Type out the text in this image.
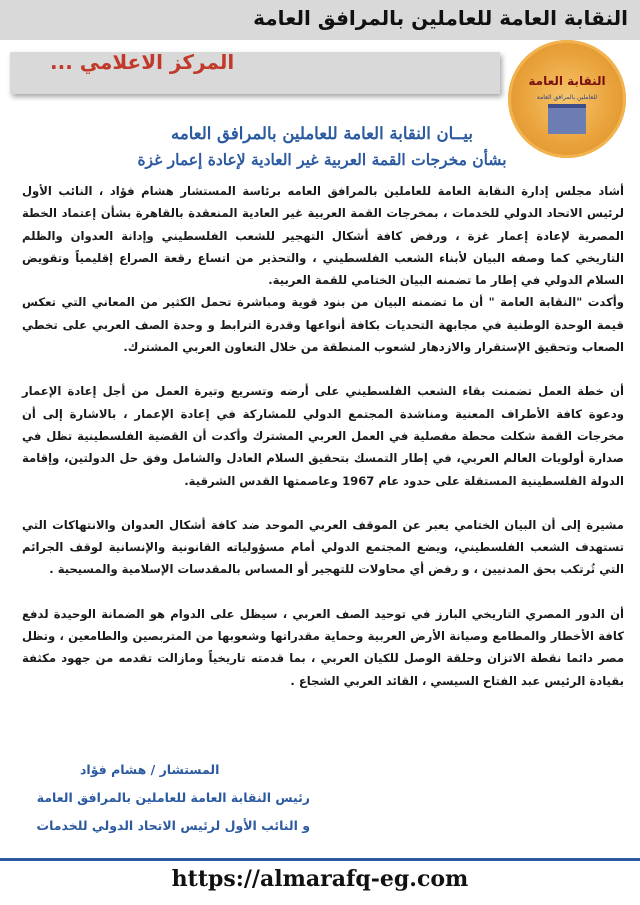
النقابة العامة للعاملين بالمرافق العامة
المركز الاعلامي ...
النقابة العامة
للعاملين بالمرافق العامة
بيــان النقابة العامة للعاملين بالمرافق العامه
بشأن مخرجات القمة العربية غير العادية لإعادة إعمار غزة

أشاد مجلس إدارة النقابة العامة للعاملين بالمرافق العامه برئاسة المستشار هشام فؤاد ، النائب الأول لرئيس الاتحاد الدولي للخدمات ، بمخرجات القمة العربية غير العادية المنعقدة بالقاهرة بشأن إعتماد الخطة المصرية لإعادة إعمار غزة ، ورفض كافة أشكال التهجير للشعب الفلسطيني وإدانة العدوان والظلم التاريخي كما وصفه البيان لأبناء الشعب الفلسطيني ، والتحذير من اتساع رقعة الصراع إقليمياً وتقويض السلام الدولي في إطار ما تضمنه البيان الختامي للقمة العربية.

وأكدت "النقابة العامة " أن ما تضمنه البيان من بنود قوية ومباشرة تحمل الكثير من المعاني التي تعكس قيمة الوحدة الوطنية في مجابهة التحديات بكافة أنواعها وقدرة الترابط و وحدة الصف العربي على تخطي الصعاب وتحقيق الإستقرار والازدهار لشعوب المنطقة من خلال التعاون العربي المشترك.

أن خطة العمل تضمنت بقاء الشعب الفلسطيني على أرضه وتسريع وتيرة العمل من أجل إعادة الإعمار ودعوة كافة الأطراف المعنية ومناشدة المجتمع الدولي للمشاركة في إعادة الإعمار ، بالاشارة إلى أن مخرجات القمة شكلت محطة مفصلية في العمل العربي المشترك وأكدت أن القضية الفلسطينية تظل في صدارة أولويات العالم العربي، في إطار التمسك بتحقيق السلام العادل والشامل وفق حل الدولتين، وإقامة الدولة الفلسطينية المستقلة على حدود عام 1967 وعاصمتها القدس الشرقية.

مشيرة إلى أن البيان الختامي يعبر عن الموقف العربي الموحد ضد كافة أشكال العدوان والانتهاكات التي تستهدف الشعب الفلسطيني، ويضع المجتمع الدولي أمام مسؤولياته القانونية والإنسانية لوقف الجرائم التي تُرتكب بحق المدنيين ، و رفض أي محاولات للتهجير أو المساس بالمقدسات الإسلامية والمسيحية .

أن الدور المصري التاريخي البارز في توحيد الصف العربي ، سيظل على الدوام هو الضمانة الوحيدة لدفع كافة الأخطار والمطامع وصيانة الأرض العربية وحماية مقدراتها وشعوبها من المتربصين والطامعين ، وتظل مصر دائما نقطة الاتزان وحلقة الوصل للكيان العربي ، بما قدمته تاريخياً ومازالت تقدمه من جهود مكثفة بقيادة الرئيس عبد الفتاح السيسي ، القائد العربي الشجاع .

المستشار / هشام فؤاد
رئيس النقابة العامة للعاملين بالمرافق العامة
و النائب الأول لرئيس الاتحاد الدولي للخدمات
https://almarafq-eg.com
